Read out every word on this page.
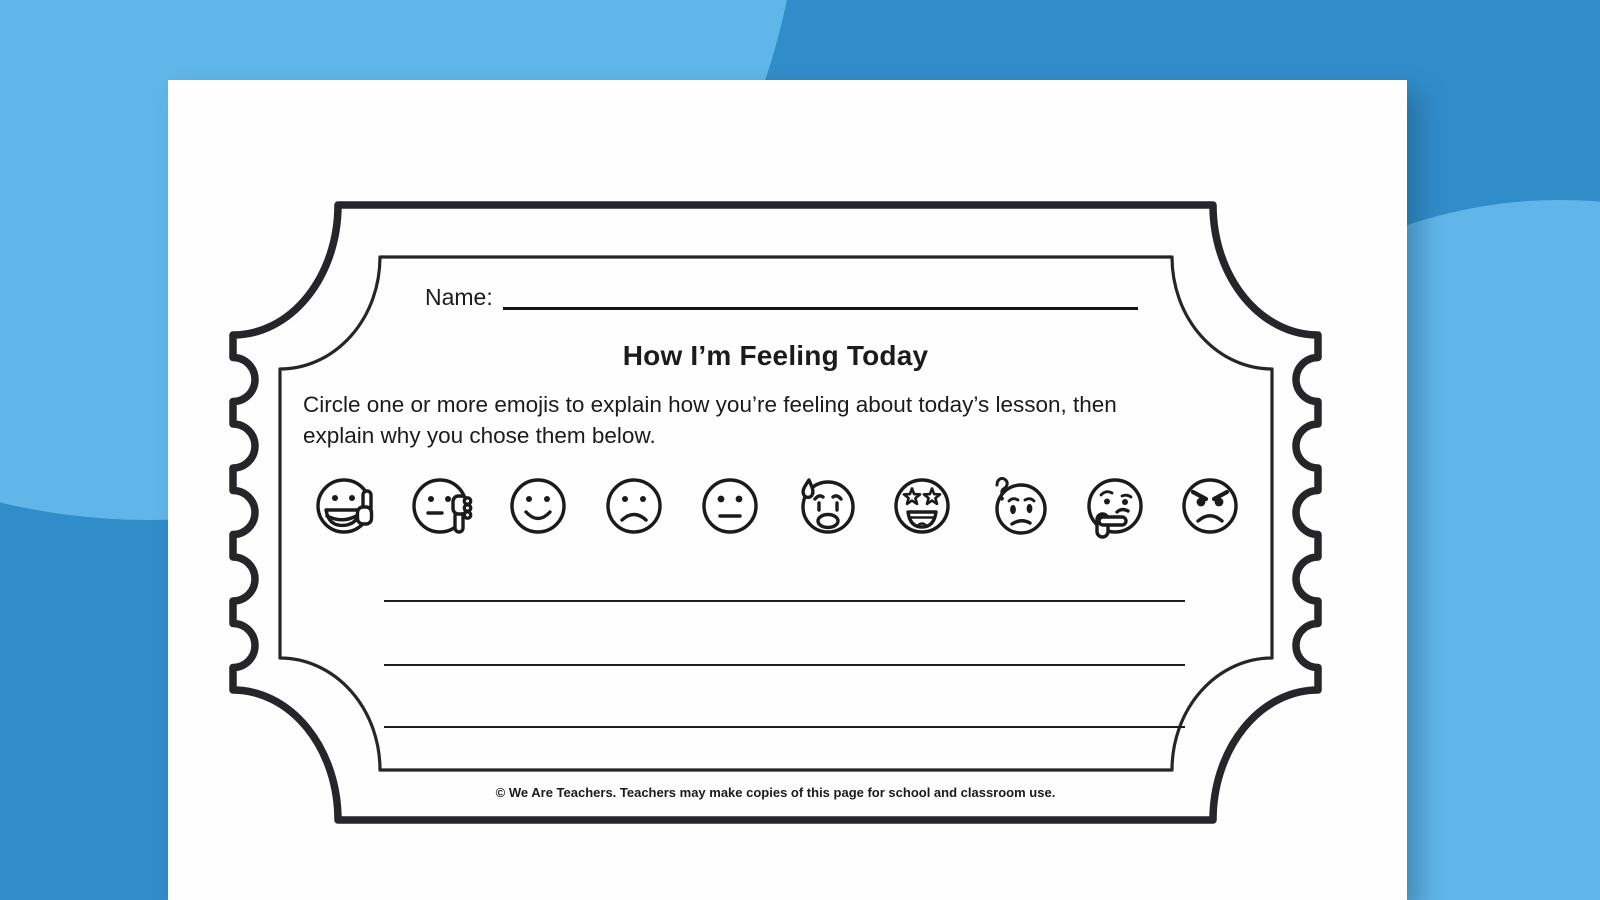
Name:
How I’m Feeling Today

Circle one or more emojis to explain how you’re feeling about today’s lesson, then
explain why you chose them below.

© We Are Teachers. Teachers may make copies of this page for school and classroom use.
